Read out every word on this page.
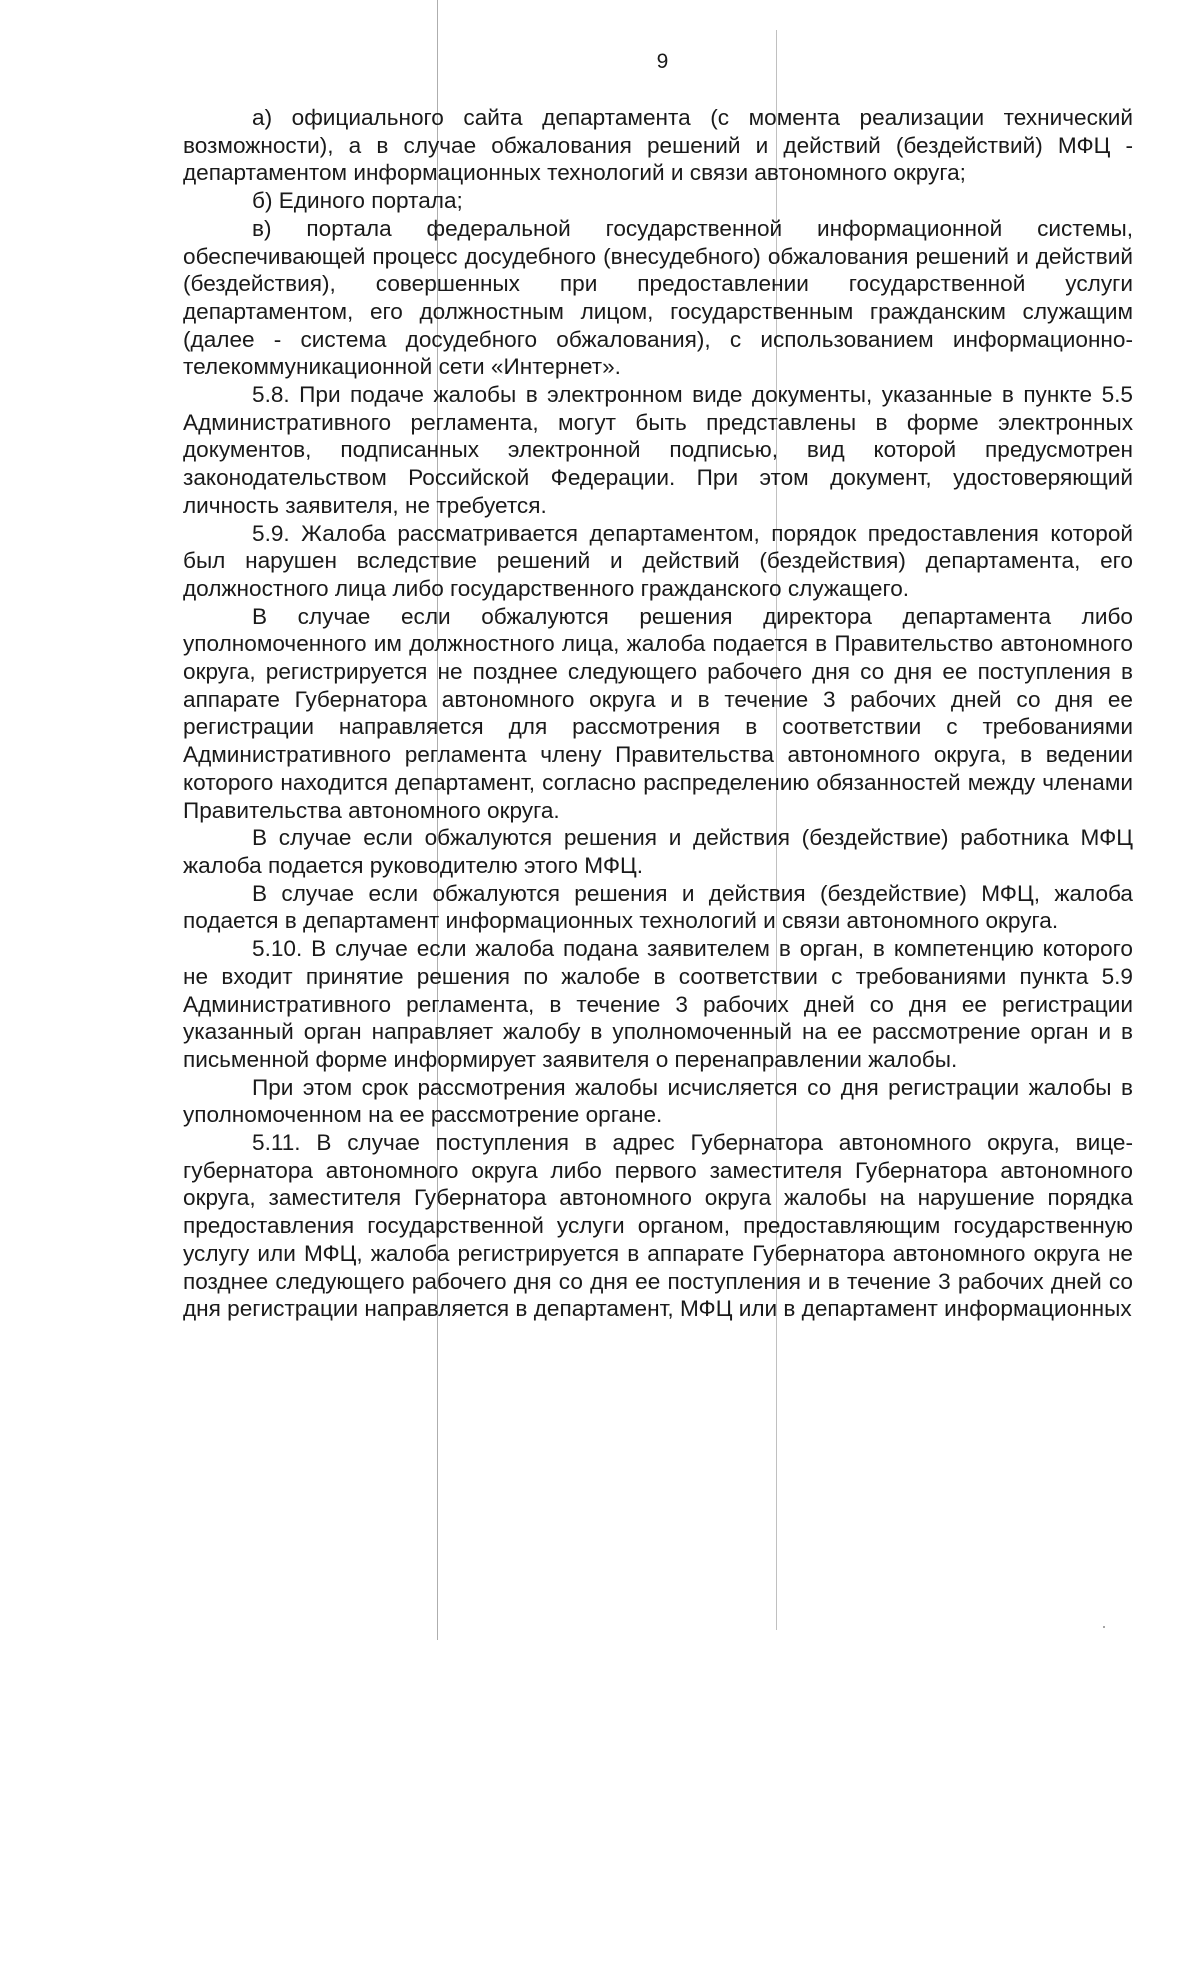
9

а) официального сайта департамента (с момента реализации технический возможности), а в случае обжалования решений и действий (бездействий) МФЦ - департаментом информационных технологий и связи автономного округа;

б) Единого портала;

в) портала федеральной государственной информационной системы, обеспечивающей процесс досудебного (внесудебного) обжалования решений и действий (бездействия), совершенных при предоставлении государственной услуги департаментом, его должностным лицом, государственным гражданским служащим (далее - система досудебного обжалования), с использованием информационно-телекоммуникационной сети «Интернет».

5.8. При подаче жалобы в электронном виде документы, указанные в пункте 5.5 Административного регламента, могут быть представлены в форме электронных документов, подписанных электронной подписью, вид которой предусмотрен законодательством Российской Федерации. При этом документ, удостоверяющий личность заявителя, не требуется.

5.9. Жалоба рассматривается департаментом, порядок предоставления которой был нарушен вследствие решений и действий (бездействия) департамента, его должностного лица либо государственного гражданского служащего.

В случае если обжалуются решения директора департамента либо уполномоченного им должностного лица, жалоба подается в Правительство автономного округа, регистрируется не позднее следующего рабочего дня со дня ее поступления в аппарате Губернатора автономного округа и в течение 3 рабочих дней со дня ее регистрации направляется для рассмотрения в соответствии с требованиями Административного регламента члену Правительства автономного округа, в ведении которого находится департамент, согласно распределению обязанностей между членами Правительства автономного округа.

В случае если обжалуются решения и действия (бездействие) работника МФЦ жалоба подается руководителю этого МФЦ.

В случае если обжалуются решения и действия (бездействие) МФЦ, жалоба подается в департамент информационных технологий и связи автономного округа.

5.10. В случае если жалоба подана заявителем в орган, в компетенцию которого не входит принятие решения по жалобе в соответствии с требованиями пункта 5.9 Административного регламента, в течение 3 рабочих дней со дня ее регистрации указанный орган направляет жалобу в уполномоченный на ее рассмотрение орган и в письменной форме информирует заявителя о перенаправлении жалобы.

При этом срок рассмотрения жалобы исчисляется со дня регистрации жалобы в уполномоченном на ее рассмотрение органе.

5.11. В случае поступления в адрес Губернатора автономного округа, вице-губернатора автономного округа либо первого заместителя Губернатора автономного округа, заместителя Губернатора автономного округа жалобы на нарушение порядка предоставления государственной услуги органом, предоставляющим государственную услугу или МФЦ, жалоба регистрируется в аппарате Губернатора автономного округа не позднее следующего рабочего дня со дня ее поступления и в течение 3 рабочих дней со дня регистрации направляется в департамент, МФЦ или в департамент информационных
